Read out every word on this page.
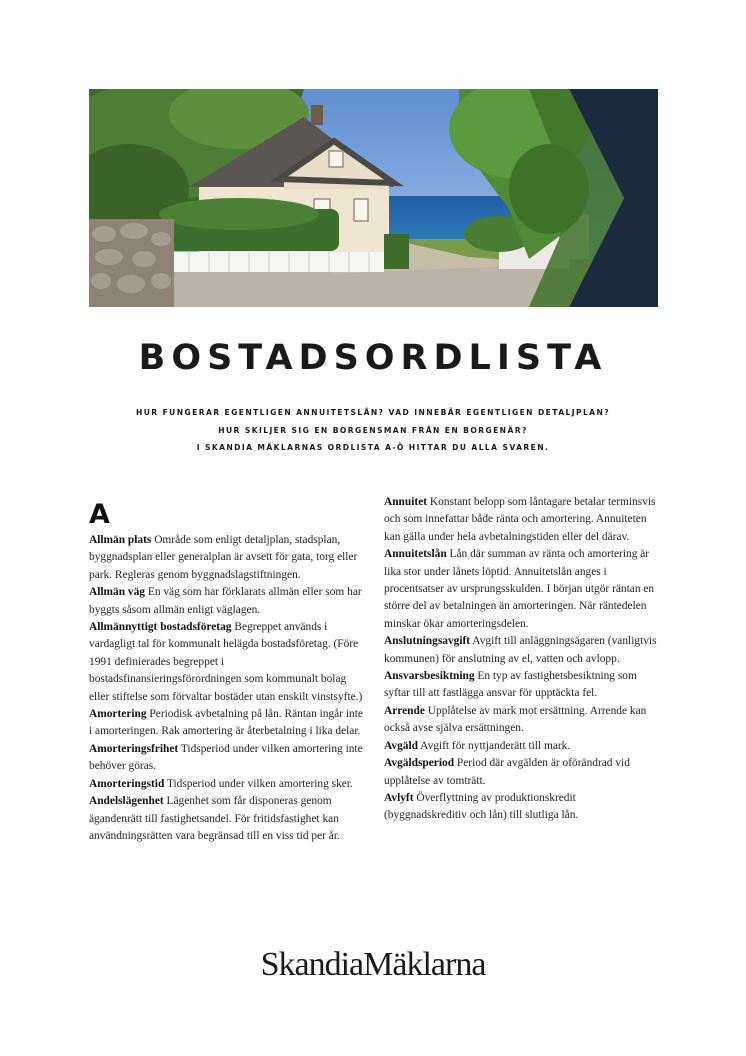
BOSTADSORDLISTA
HUR FUNGERAR EGENTLIGEN ANNUITETSLÅN? VAD INNEBÄR EGENTLIGEN DETALJPLAN?
HUR SKILJER SIG EN BORGENSMAN FRÅN EN BORGENÄR?
I SKANDIA MÄKLARNAS ORDLISTA A-Ö HITTAR DU ALLA SVAREN.
A

Allmän plats Område som enligt detaljplan, stadsplan, byggnadsplan eller generalplan är avsett för gata, torg eller park. Regleras genom byggnadslagstiftningen.

Allmän väg En väg som har förklarats allmän eller som har byggts såsom allmän enligt väglagen.

Allmännyttigt bostadsföretag Begreppet används i vardagligt tal för kommunalt helägda bostadsföretag. (Före 1991 definierades begreppet i bostadsfinansieringsförordningen som kommunalt bolag eller stiftelse som förvaltar bostäder utan enskilt vinstsyfte.)

Amortering Periodisk avbetalning på lån. Räntan ingår inte i amorteringen. Rak amortering är återbetalning i lika delar.

Amorteringsfrihet Tidsperiod under vilken amortering inte behöver göras.

Amorteringstid Tidsperiod under vilken amortering sker.

Andelslägenhet Lägenhet som får disponeras genom ägandenrätt till fastighetsandel. För fritidsfastighet kan användningsrätten vara begränsad till en viss tid per år.

Annuitet Konstant belopp som låntagare betalar terminsvis och som innefattar både ränta och amortering. Annuiteten kan gälla under hela avbetalningstiden eller del därav.

Annuitetslån Lån där summan av ränta och amortering är lika stor under lånets löptid. Annuitetslån anges i procentsatser av ursprungsskulden. I början utgör räntan en större del av betalningen än amorteringen. När räntedelen minskar ökar amorteringsdelen.

Anslutningsavgift Avgift till anläggningsägaren (vanligtvis kommunen) för anslutning av el, vatten och avlopp.

Ansvarsbesiktning En typ av fastighetsbesiktning som syftar till att fastlägga ansvar för upptäckta fel.

Arrende Upplåtelse av mark mot ersättning. Arrende kan också avse själva ersättningen.

Avgäld Avgift för nyttjanderätt till mark.

Avgäldsperiod Period där avgälden är oförändrad vid upplåtelse av tomträtt.

Avlyft Överflyttning av produktionskredit (byggnadskreditiv och lån) till slutliga lån.

SkandiaMäklarna
